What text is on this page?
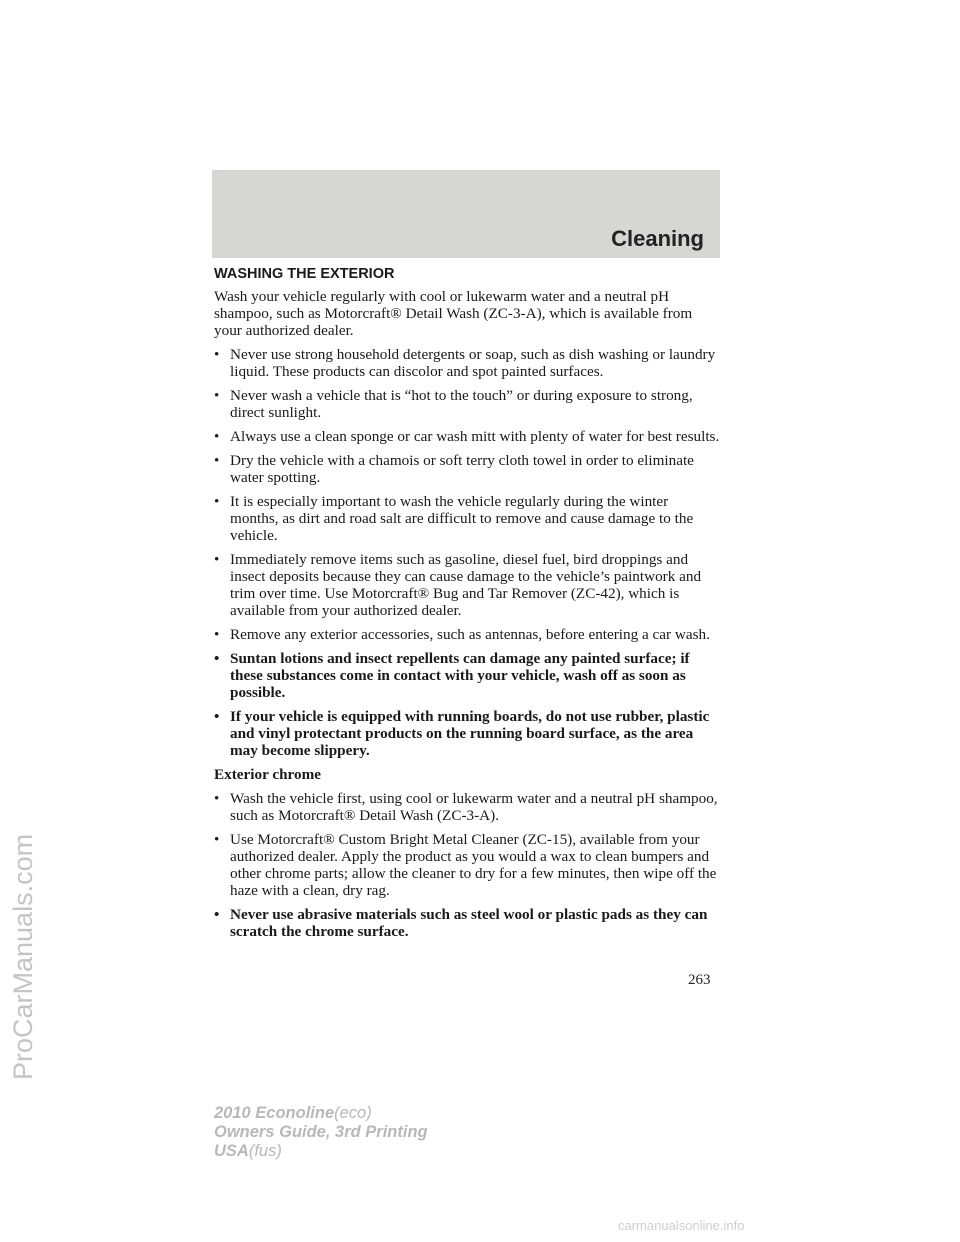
Cleaning
ProCarManuals.com
WASHING THE EXTERIOR

Wash your vehicle regularly with cool or lukewarm water and a neutral pH shampoo, such as Motorcraft® Detail Wash (ZC-3-A), which is available from your authorized dealer.

• Never use strong household detergents or soap, such as dish washing or laundry liquid. These products can discolor and spot painted surfaces.
• Never wash a vehicle that is “hot to the touch” or during exposure to strong, direct sunlight.
• Always use a clean sponge or car wash mitt with plenty of water for best results.
• Dry the vehicle with a chamois or soft terry cloth towel in order to eliminate water spotting.
• It is especially important to wash the vehicle regularly during the winter months, as dirt and road salt are difficult to remove and cause damage to the vehicle.
• Immediately remove items such as gasoline, diesel fuel, bird droppings and insect deposits because they can cause damage to the vehicle’s paintwork and trim over time. Use Motorcraft® Bug and Tar Remover (ZC-42), which is available from your authorized dealer.
• Remove any exterior accessories, such as antennas, before entering a car wash.
• Suntan lotions and insect repellents can damage any painted surface; if these substances come in contact with your vehicle, wash off as soon as possible.
• If your vehicle is equipped with running boards, do not use rubber, plastic and vinyl protectant products on the running board surface, as the area may become slippery.
Exterior chrome
• Wash the vehicle first, using cool or lukewarm water and a neutral pH shampoo, such as Motorcraft® Detail Wash (ZC-3-A).
• Use Motorcraft® Custom Bright Metal Cleaner (ZC-15), available from your authorized dealer. Apply the product as you would a wax to clean bumpers and other chrome parts; allow the cleaner to dry for a few minutes, then wipe off the haze with a clean, dry rag.
• Never use abrasive materials such as steel wool or plastic pads as they can scratch the chrome surface.
263
2010 Econoline(eco)
Owners Guide, 3rd Printing
USA(fus)
carmanualsonline.info
